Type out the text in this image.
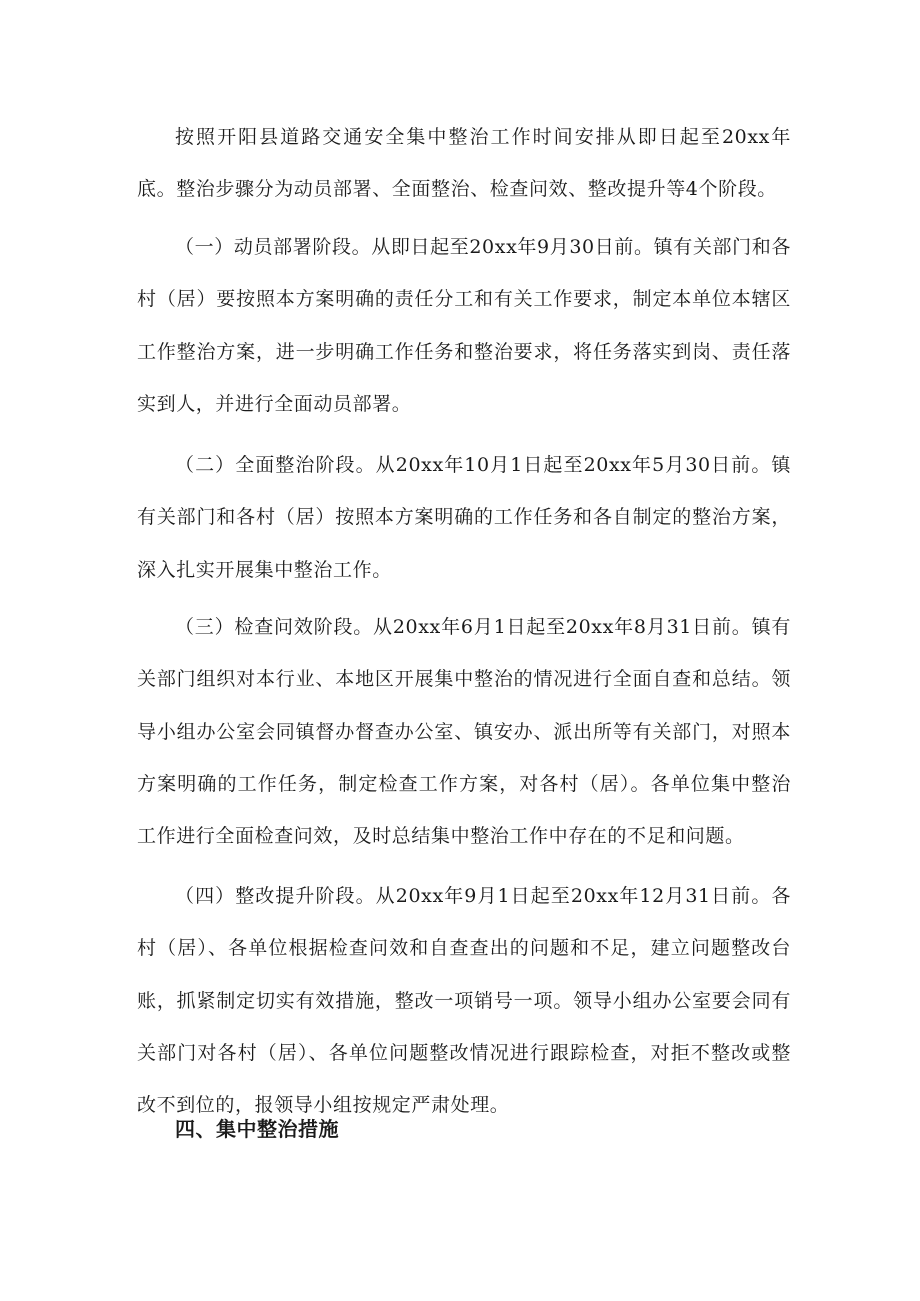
按照开阳县道路交通安全集中整治工作时间安排从即日起至20xx年底。整治步骤分为动员部署、全面整治、检查问效、整改提升等4个阶段。

（一）动员部署阶段。从即日起至20xx年9月30日前。镇有关部门和各村（居）要按照本方案明确的责任分工和有关工作要求，制定本单位本辖区工作整治方案，进一步明确工作任务和整治要求，将任务落实到岗、责任落实到人，并进行全面动员部署。

（二）全面整治阶段。从20xx年10月1日起至20xx年5月30日前。镇有关部门和各村（居）按照本方案明确的工作任务和各自制定的整治方案，深入扎实开展集中整治工作。

（三）检查问效阶段。从20xx年6月1日起至20xx年8月31日前。镇有关部门组织对本行业、本地区开展集中整治的情况进行全面自查和总结。领导小组办公室会同镇督办督查办公室、镇安办、派出所等有关部门，对照本方案明确的工作任务，制定检查工作方案，对各村（居）。各单位集中整治工作进行全面检查问效，及时总结集中整治工作中存在的不足和问题。

（四）整改提升阶段。从20xx年9月1日起至20xx年12月31日前。各村（居）、各单位根据检查问效和自查查出的问题和不足，建立问题整改台账，抓紧制定切实有效措施，整改一项销号一项。领导小组办公室要会同有关部门对各村（居）、各单位问题整改情况进行跟踪检查，对拒不整改或整改不到位的，报领导小组按规定严肃处理。

四、集中整治措施
